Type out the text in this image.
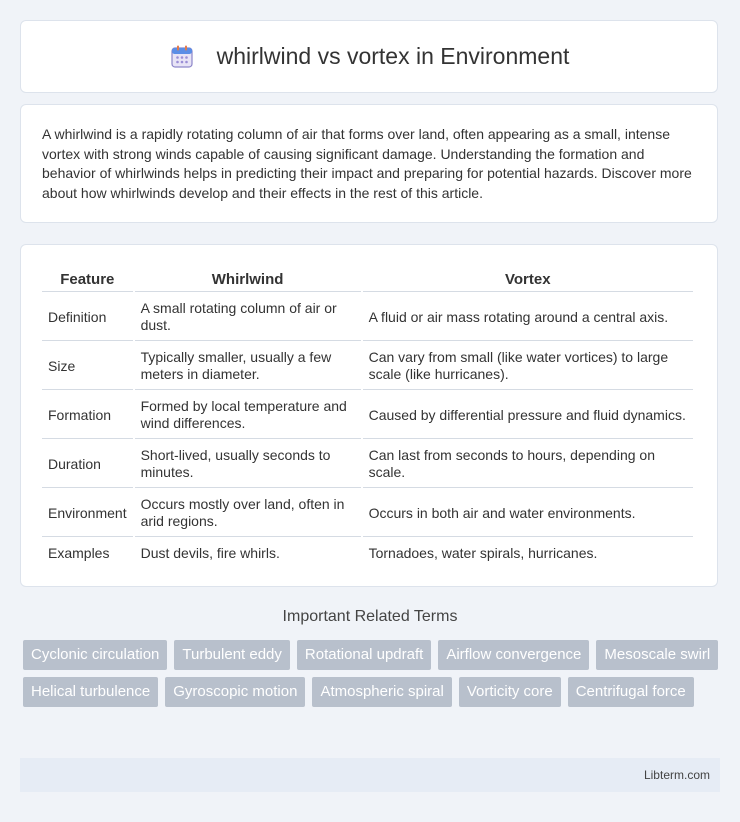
whirlwind vs vortex in Environment

A whirlwind is a rapidly rotating column of air that forms over land, often appearing as a small, intense vortex with strong winds capable of causing significant damage. Understanding the formation and behavior of whirlwinds helps in predicting their impact and preparing for potential hazards. Discover more about how whirlwinds develop and their effects in the rest of this article.

Feature	Whirlwind	Vortex
Definition	A small rotating column of air or dust.	A fluid or air mass rotating around a central axis.
Size	Typically smaller, usually a few meters in diameter.	Can vary from small (like water vortices) to large scale (like hurricanes).
Formation	Formed by local temperature and wind differences.	Caused by differential pressure and fluid dynamics.
Duration	Short-lived, usually seconds to minutes.	Can last from seconds to hours, depending on scale.
Environment	Occurs mostly over land, often in arid regions.	Occurs in both air and water environments.
Examples	Dust devils, fire whirls.	Tornadoes, water spirals, hurricanes.
Important Related Terms
Cyclonic circulation	Turbulent eddy	Rotational updraft	Airflow convergence	Mesoscale swirl
Helical turbulence	Gyroscopic motion	Atmospheric spiral	Vorticity core	Centrifugal force
Libterm.com
